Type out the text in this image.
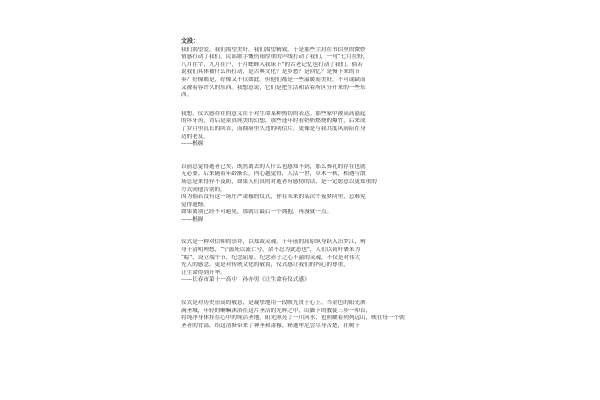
文段：
我们渴望爱，我们渴望美好，我们渴望精致。于是那些尘封在书信里的微妙
情感打动了我们，民谣歌手慨伤雨厚重的声线打动了我们，一句“七月在野，
八月在宇，九月在户，十月蟋蟀入我床下”的古老记忆也打动了我们，倘若
说我们具体被什么所打动，是古典文化？是乡愁？是回忆？是慢下来的节
奏？好像都是，好像又不仅如此。但他们都是一些温暖而美好，不可或缺而
又被着容许久的东西。我想意说，它们是把生活和话着所区分开来的一些东
西。
我想，仪式感存在的意义在于对生命某种热切的表达。那些家中被高高悬起
的坏牙齿，背后是童真纯美的幻想，那些逢年时看奶奶燃烧的爆竹，后来成
了岁月里沉长的回首，而抽屉里久违的明信片，更像是与我共度风雨陪在身
边的老友。
——楷握
以前总觉得逝者已矣，既然离去的人什么也感知不到，那么葬礼的存在也就
无必要。后来随着年龄渐长，内心越觉得，人活一世，草木一秋，相遇与散
场总是来得猝不及防，如果人们真的对逝者有感情的话，是一定愿意以更郑重的
方式同他告别的。
因为倘若没有这一场庄严肃穆的仪式，你在未来的某次午夜梦回里，总难免
觉得遗憾。
如果离别已经不可避免，那就让最后一个拥抱，再漫就一点。
——楷握
仪式是一种对信仰的崇拜，以郑裁灵魂，千年前的屈原纵身跃入汨罗江，殉
身于清明理想，“宁溘死以流亡兮，余不忍为此态也”，人们以荷叶裹米为
“粽”，设立端午节，纪念屈原。纪念赤子之心不渝的灵魂，不仅是对伟大
先人的感念，更是对传统文化的敬畏，仪式感让我们的内心的尊重，
让生命得到升华。
——长春市第十一高中　孙亦男《让生命有仪式感》
仪式是对历史崇高的敬意，是凝挚地用一段映光贯于心上。当金色的阳光洒
满圣城，年轻的喇嘛沐浴在这片圣洁的光辉之中，山脚下的教徒三步一叩首，
将纯净身体挂在心中的纯洁圣地。阳光照亮了一川河水，也照耀着列列远山，映在每一个朝
圣者的背部，给这清修带来了神圣和肃穆。释迦牟尼尝尽身苦楚，在树下
